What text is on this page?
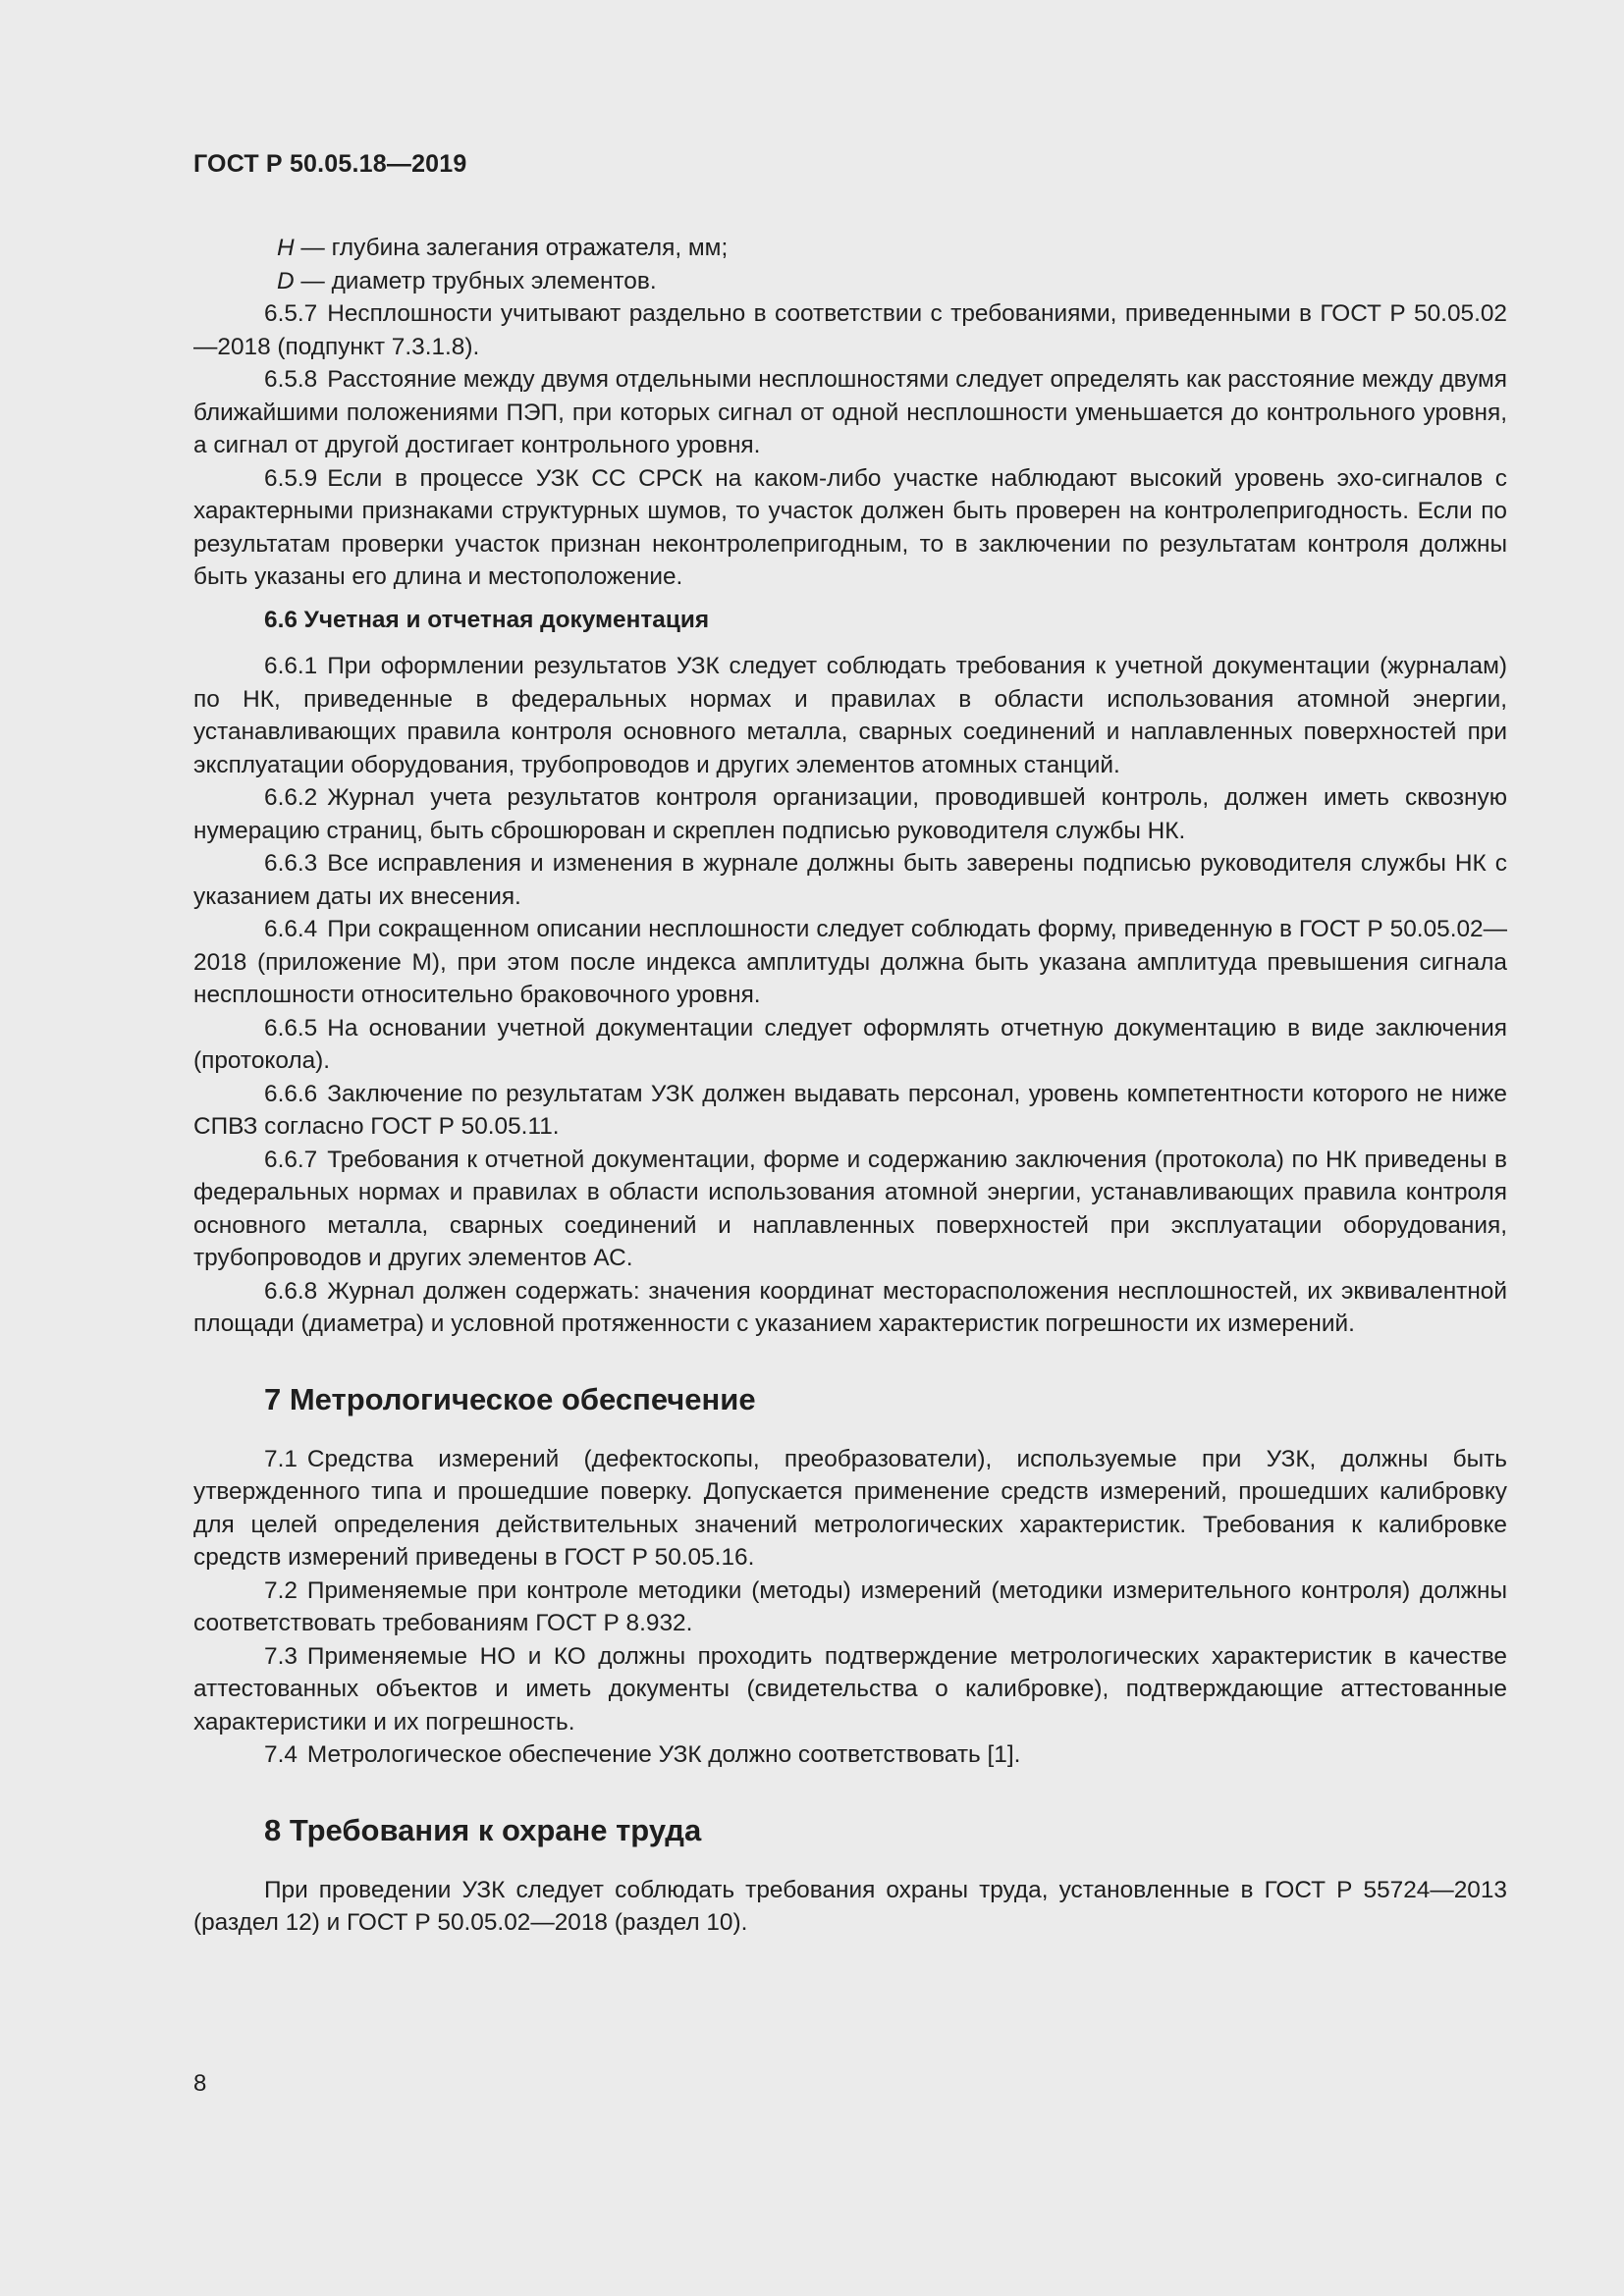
ГОСТ Р 50.05.18—2019

H — глубина залегания отражателя, мм;

D — диаметр трубных элементов.

6.5.7 Несплошности учитывают раздельно в соответствии с требованиями, приведенными в ГОСТ Р 50.05.02—2018 (подпункт 7.3.1.8).

6.5.8 Расстояние между двумя отдельными несплошностями следует определять как расстояние между двумя ближайшими положениями ПЭП, при которых сигнал от одной несплошности уменьшается до контрольного уровня, а сигнал от другой достигает контрольного уровня.

6.5.9 Если в процессе УЗК СС СРСК на каком-либо участке наблюдают высокий уровень эхо-сигналов с характерными признаками структурных шумов, то участок должен быть проверен на контролепригодность. Если по результатам проверки участок признан неконтролепригодным, то в заключении по результатам контроля должны быть указаны его длина и местоположение.

6.6 Учетная и отчетная документация

6.6.1 При оформлении результатов УЗК следует соблюдать требования к учетной документации (журналам) по НК, приведенные в федеральных нормах и правилах в области использования атомной энергии, устанавливающих правила контроля основного металла, сварных соединений и наплавленных поверхностей при эксплуатации оборудования, трубопроводов и других элементов атомных станций.

6.6.2 Журнал учета результатов контроля организации, проводившей контроль, должен иметь сквозную нумерацию страниц, быть сброшюрован и скреплен подписью руководителя службы НК.

6.6.3 Все исправления и изменения в журнале должны быть заверены подписью руководителя службы НК с указанием даты их внесения.

6.6.4 При сокращенном описании несплошности следует соблюдать форму, приведенную в ГОСТ Р 50.05.02—2018 (приложение М), при этом после индекса амплитуды должна быть указана амплитуда превышения сигнала несплошности относительно браковочного уровня.

6.6.5 На основании учетной документации следует оформлять отчетную документацию в виде заключения (протокола).

6.6.6 Заключение по результатам УЗК должен выдавать персонал, уровень компетентности которого не ниже СПВЗ согласно ГОСТ Р 50.05.11.

6.6.7 Требования к отчетной документации, форме и содержанию заключения (протокола) по НК приведены в федеральных нормах и правилах в области использования атомной энергии, устанавливающих правила контроля основного металла, сварных соединений и наплавленных поверхностей при эксплуатации оборудования, трубопроводов и других элементов АС.

6.6.8 Журнал должен содержать: значения координат месторасположения несплошностей, их эквивалентной площади (диаметра) и условной протяженности с указанием характеристик погрешности их измерений.

7 Метрологическое обеспечение

7.1 Средства измерений (дефектоскопы, преобразователи), используемые при УЗК, должны быть утвержденного типа и прошедшие поверку. Допускается применение средств измерений, прошедших калибровку для целей определения действительных значений метрологических характеристик. Требования к калибровке средств измерений приведены в ГОСТ Р 50.05.16.

7.2 Применяемые при контроле методики (методы) измерений (методики измерительного контроля) должны соответствовать требованиям ГОСТ Р 8.932.

7.3 Применяемые НО и КО должны проходить подтверждение метрологических характеристик в качестве аттестованных объектов и иметь документы (свидетельства о калибровке), подтверждающие аттестованные характеристики и их погрешность.

7.4 Метрологическое обеспечение УЗК должно соответствовать [1].

8 Требования к охране труда

При проведении УЗК следует соблюдать требования охраны труда, установленные в ГОСТ Р 55724—2013 (раздел 12) и ГОСТ Р 50.05.02—2018 (раздел 10).

8
